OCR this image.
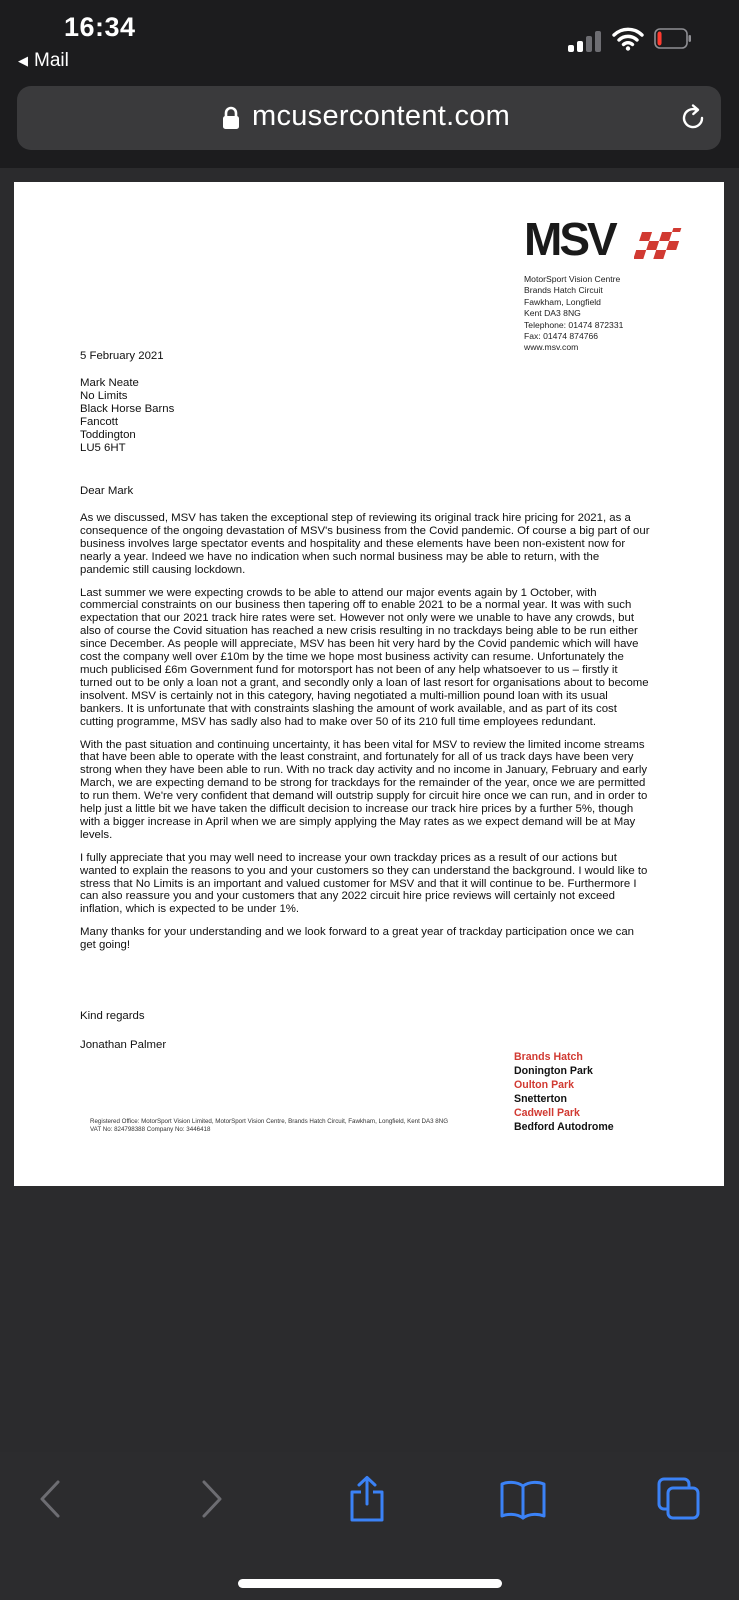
16:34
◀ Mail
mcusercontent.com
MSV
MotorSport Vision Centre
Brands Hatch Circuit
Fawkham, Longfield
Kent DA3 8NG
Telephone: 01474 872331
Fax: 01474 874766
www.msv.com
5 February 2021
Mark Neate
No Limits
Black Horse Barns
Fancott
Toddington
LU5 6HT
Dear Mark

As we discussed, MSV has taken the exceptional step of reviewing its original track hire pricing for 2021, as a consequence of the ongoing devastation of MSV's business from the Covid pandemic. Of course a big part of our business involves large spectator events and hospitality and these elements have been non-existent now for nearly a year. Indeed we have no indication when such normal business may be able to return, with the pandemic still causing lockdown.

Last summer we were expecting crowds to be able to attend our major events again by 1 October, with commercial constraints on our business then tapering off to enable 2021 to be a normal year. It was with such expectation that our 2021 track hire rates were set. However not only were we unable to have any crowds, but also of course the Covid situation has reached a new crisis resulting in no trackdays being able to be run either since December. As people will appreciate, MSV has been hit very hard by the Covid pandemic which will have cost the company well over £10m by the time we hope most business activity can resume. Unfortunately the much publicised £6m Government fund for motorsport has not been of any help whatsoever to us – firstly it turned out to be only a loan not a grant, and secondly only a loan of last resort for organisations about to become insolvent. MSV is certainly not in this category, having negotiated a multi-million pound loan with its usual bankers. It is unfortunate that with constraints slashing the amount of work available, and as part of its cost cutting programme, MSV has sadly also had to make over 50 of its 210 full time employees redundant.

With the past situation and continuing uncertainty, it has been vital for MSV to review the limited income streams that have been able to operate with the least constraint, and fortunately for all of us track days have been very strong when they have been able to run. With no track day activity and no income in January, February and early March, we are expecting demand to be strong for trackdays for the remainder of the year, once we are permitted to run them. We're very confident that demand will outstrip supply for circuit hire once we can run, and in order to help just a little bit we have taken the difficult decision to increase our track hire prices by a further 5%, though with a bigger increase in April when we are simply applying the May rates as we expect demand will be at May levels.

I fully appreciate that you may well need to increase your own trackday prices as a result of our actions but wanted to explain the reasons to you and your customers so they can understand the background. I would like to stress that No Limits is an important and valued customer for MSV and that it will continue to be. Furthermore I can also reassure you and your customers that any 2022 circuit hire price reviews will certainly not exceed inflation, which is expected to be under 1%.

Many thanks for your understanding and we look forward to a great year of trackday participation once we can get going!

Kind regards
Jonathan Palmer
Brands Hatch
Donington Park
Oulton Park
Snetterton
Cadwell Park
Bedford Autodrome
Registered Office: MotorSport Vision Limited, MotorSport Vision Centre, Brands Hatch Circuit, Fawkham, Longfield, Kent DA3 8NG
VAT No: 824798388 Company No: 3446418
